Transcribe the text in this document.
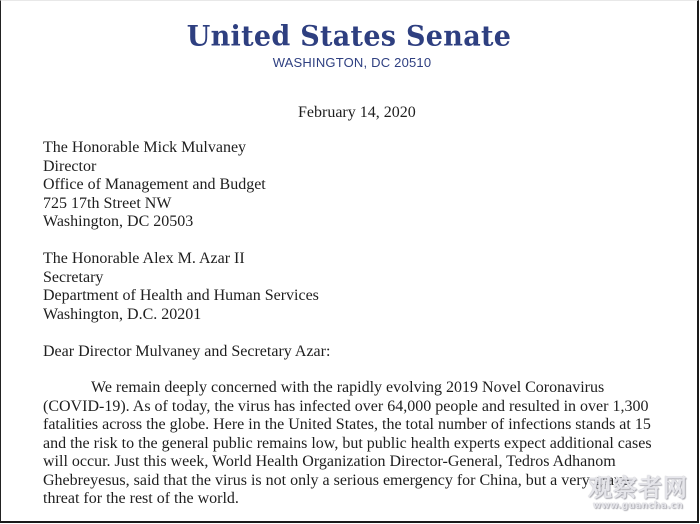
United States Senate
WASHINGTON, DC 20510
February 14, 2020
The Honorable Mick Mulvaney
Director
Office of Management and Budget
725 17th Street NW
Washington, DC 20503
The Honorable Alex M. Azar II
Secretary
Department of Health and Human Services
Washington, D.C. 20201
Dear Director Mulvaney and Secretary Azar:
We remain deeply concerned with the rapidly evolving 2019 Novel Coronavirus
(COVID-19). As of today, the virus has infected over 64,000 people and resulted in over 1,300
fatalities across the globe. Here in the United States, the total number of infections stands at 15
and the risk to the general public remains low, but public health experts expect additional cases
will occur. Just this week, World Health Organization Director-General, Tedros Adhanom
Ghebreyesus, said that the virus is not only a serious emergency for China, but a very grave
threat for the rest of the world.	观察者网
www.guancha.cn
